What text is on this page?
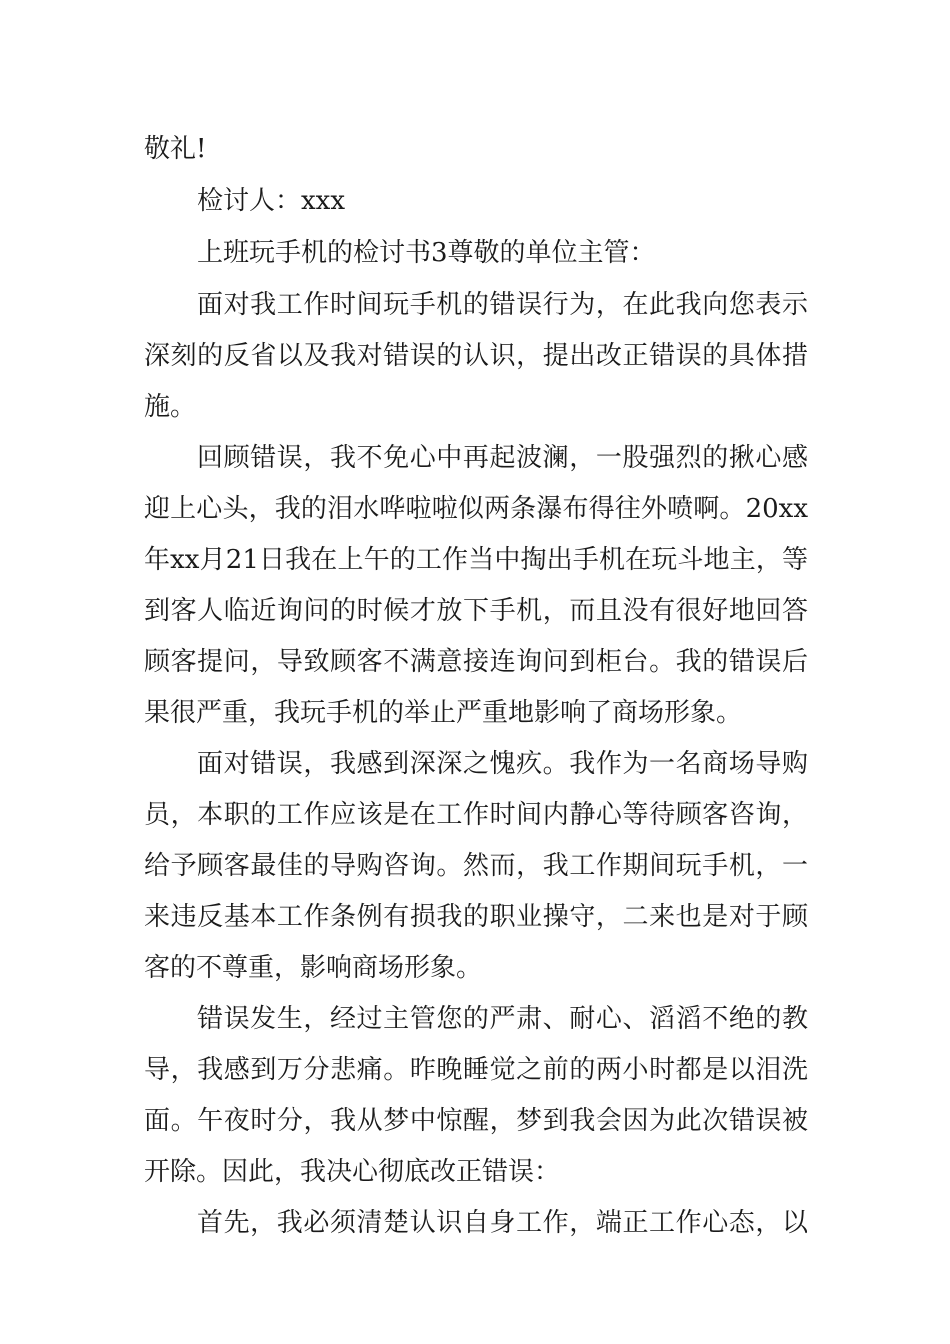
敬礼!
检讨人：xxx
上班玩手机的检讨书3尊敬的单位主管：
面对我工作时间玩手机的错误行为，在此我向您表示
深刻的反省以及我对错误的认识，提出改正错误的具体措
施。
回顾错误，我不免心中再起波澜，一股强烈的揪心感
迎上心头，我的泪水哗啦啦似两条瀑布得往外喷啊。20xx
年xx月21日我在上午的工作当中掏出手机在玩斗地主，等
到客人临近询问的时候才放下手机，而且没有很好地回答
顾客提问，导致顾客不满意接连询问到柜台。我的错误后
果很严重，我玩手机的举止严重地影响了商场形象。
面对错误，我感到深深之愧疚。我作为一名商场导购
员，本职的工作应该是在工作时间内静心等待顾客咨询，
给予顾客最佳的导购咨询。然而，我工作期间玩手机，一
来违反基本工作条例有损我的职业操守，二来也是对于顾
客的不尊重，影响商场形象。
错误发生，经过主管您的严肃、耐心、滔滔不绝的教
导，我感到万分悲痛。昨晚睡觉之前的两小时都是以泪洗
面。午夜时分，我从梦中惊醒，梦到我会因为此次错误被
开除。因此，我决心彻底改正错误：
首先，我必须清楚认识自身工作，端正工作心态，以
